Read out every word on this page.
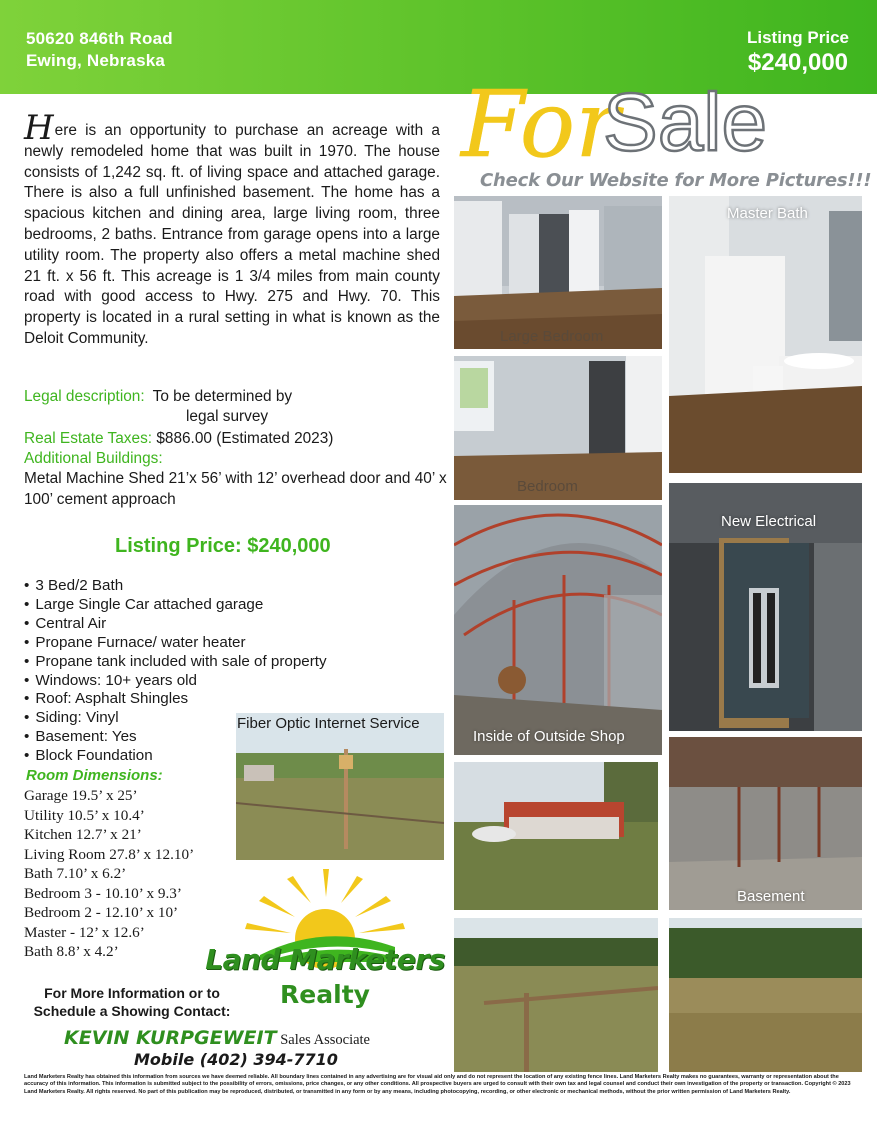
50620 846th Road
Ewing, Nebraska
Listing Price
$240,000
For
Sale
Check Our Website for More Pictures!!!

Here is an opportunity to purchase an acreage with a newly remodeled home that was built in 1970. The house consists of 1,242 sq. ft. of living space and attached garage. There is also a full unfinished basement. The home has a spacious kitchen and dining area, large living room, three bedrooms, 2 baths. Entrance from garage opens into a large utility room. The property also offers a metal machine shed 21 ft. x 56 ft. This acreage is 1 3/4 miles from main county road with good access to Hwy. 275 and Hwy. 70. This property is located in a rural setting in what is known as the Deloit Community.

Legal description: To be determined by
legal survey
Real Estate Taxes: $886.00 (Estimated 2023)
Additional Buildings:
Metal Machine Shed 21’x 56’ with 12’ overhead door and 40’ x 100’ cement approach
Listing Price: $240,000
• 3 Bed/2 Bath
• Large Single Car attached garage
• Central Air
• Propane Furnace/ water heater
• Propane tank included with sale of property
• Windows: 10+ years old
• Roof: Asphalt Shingles
• Siding: Vinyl
• Basement: Yes
• Block Foundation
Room Dimensions:
Garage 19.5’ x 25’
Utility 10.5’ x 10.4’
Kitchen 12.7’ x 21’
Living Room 27.8’ x 12.10’
Bath 7.10’ x 6.2’
Bedroom 3 - 10.10’ x 9.3’
Bedroom 2 - 12.10’ x 10’
Master - 12’ x 12.6’
Bath 8.8’ x 4.2’
Large Bedroom
Master Bath
Bedroom
Inside of Outside Shop
New Electrical
Fiber Optic Internet Service
Basement
Land Marketers
Realty
For More Information or to
Schedule a Showing Contact:
KEVIN KURPGEWEIT Sales Associate
Mobile (402) 394-7710
Land Marketers Realty has obtained this information from sources we have deemed reliable. All boundary lines contained in any advertising are for visual aid only and do not represent the location of any existing fence lines. Land Marketers Realty makes no guarantees, warranty or representation about the accuracy of this information. This information is submitted subject to the possibility of errors, omissions, price changes, or any other conditions. All prospective buyers are urged to consult with their own tax and legal counsel and conduct their own investigation of the property or transaction. Copyright © 2023 Land Marketers Realty. All rights reserved. No part of this publication may be reproduced, distributed, or transmitted in any form or by any means, including photocopying, recording, or other electronic or mechanical methods, without the prior written permission of Land Marketers Realty.
